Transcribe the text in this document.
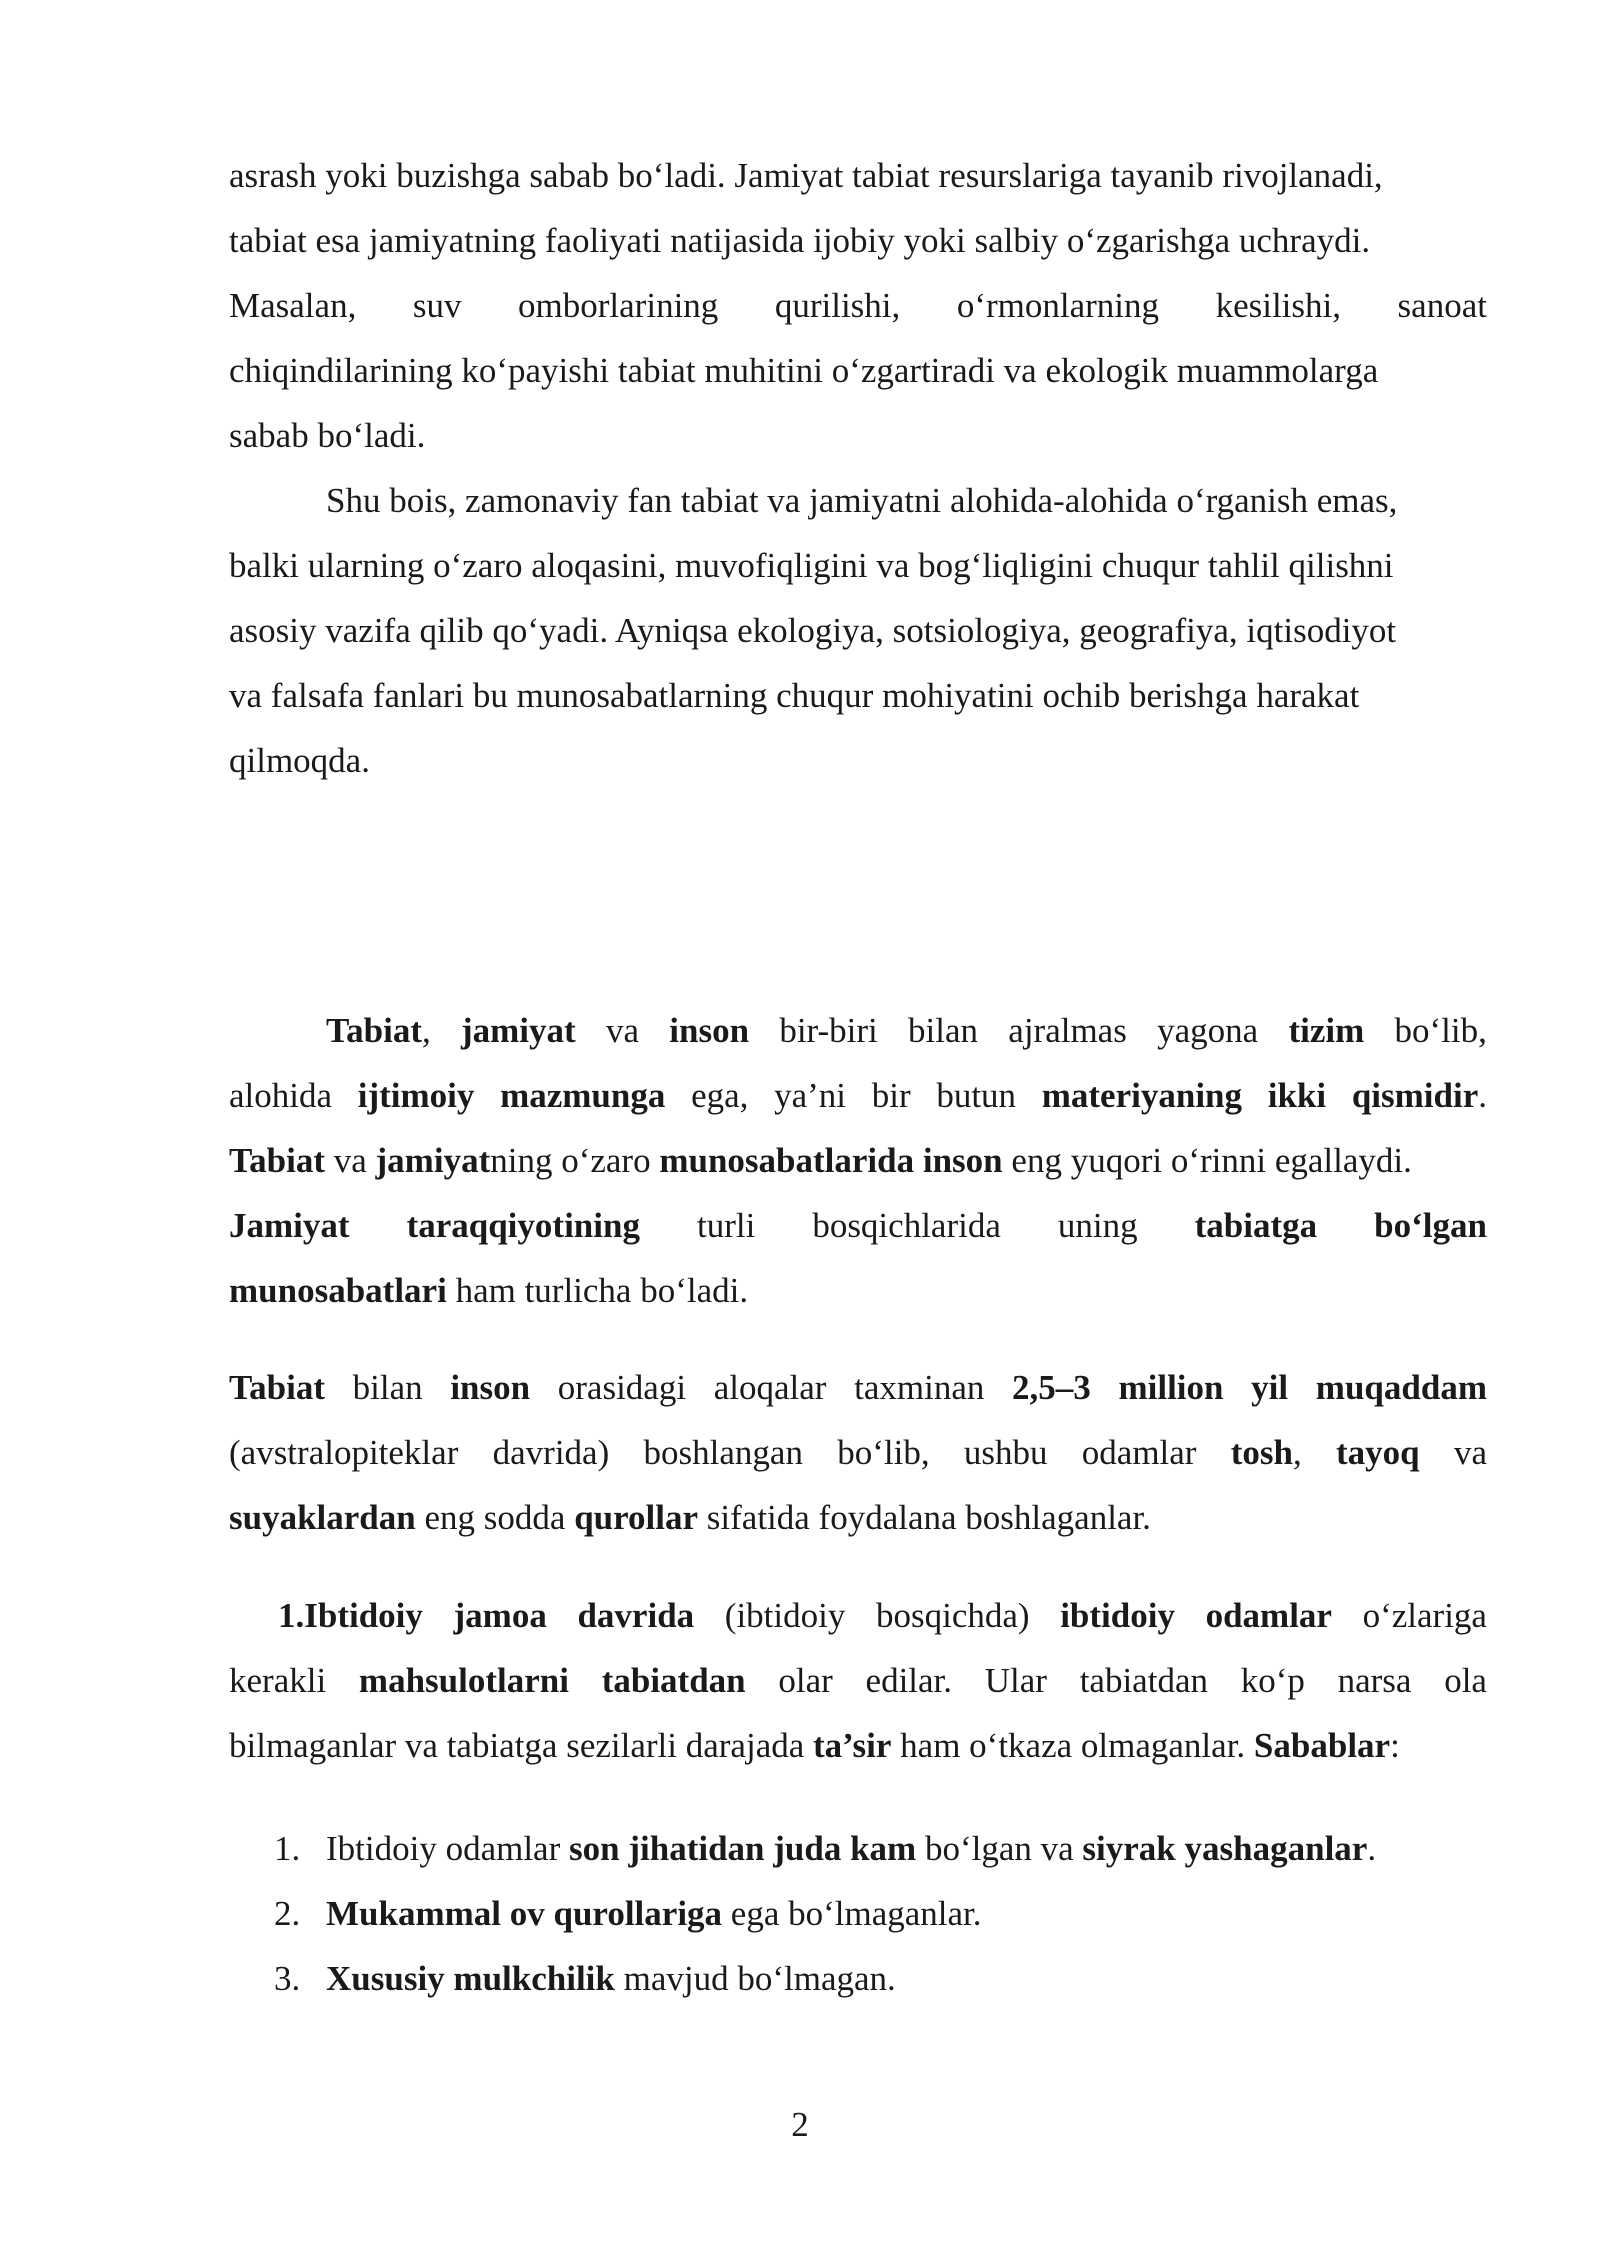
asrash yoki buzishga sabab bo‘ladi. Jamiyat tabiat resurslariga tayanib rivojlanadi,
tabiat esa jamiyatning faoliyati natijasida ijobiy yoki salbiy o‘zgarishga uchraydi.
Masalan, suv omborlarining qurilishi, o‘rmonlarning kesilishi, sanoat
chiqindilarining ko‘payishi tabiat muhitini o‘zgartiradi va ekologik muammolarga
sabab bo‘ladi.
Shu bois, zamonaviy fan tabiat va jamiyatni alohida-alohida o‘rganish emas,
balki ularning o‘zaro aloqasini, muvofiqligini va bog‘liqligini chuqur tahlil qilishni
asosiy vazifa qilib qo‘yadi. Ayniqsa ekologiya, sotsiologiya, geografiya, iqtisodiyot
va falsafa fanlari bu munosabatlarning chuqur mohiyatini ochib berishga harakat
qilmoqda.
Tabiat, jamiyat va inson bir-biri bilan ajralmas yagona tizim bo‘lib,
alohida ijtimoiy mazmunga ega, ya’ni bir butun materiyaning ikki qismidir.
Tabiat va jamiyatning o‘zaro munosabatlarida inson eng yuqori o‘rinni egallaydi.
Jamiyat taraqqiyotining turli bosqichlarida uning tabiatga bo‘lgan
munosabatlari ham turlicha bo‘ladi.
Tabiat bilan inson orasidagi aloqalar taxminan 2,5–3 million yil muqaddam
(avstralopiteklar davrida) boshlangan bo‘lib, ushbu odamlar tosh, tayoq va
suyaklardan eng sodda qurollar sifatida foydalana boshlaganlar.
1.Ibtidoiy jamoa davrida (ibtidoiy bosqichda) ibtidoiy odamlar o‘zlariga
kerakli mahsulotlarni tabiatdan olar edilar. Ular tabiatdan ko‘p narsa ola
bilmaganlar va tabiatga sezilarli darajada ta’sir ham o‘tkaza olmaganlar. Sabablar:
1. Ibtidoiy odamlar son jihatidan juda kam bo‘lgan va siyrak yashaganlar.
2. Mukammal ov qurollariga ega bo‘lmaganlar.
3. Xususiy mulkchilik mavjud bo‘lmagan.
2
